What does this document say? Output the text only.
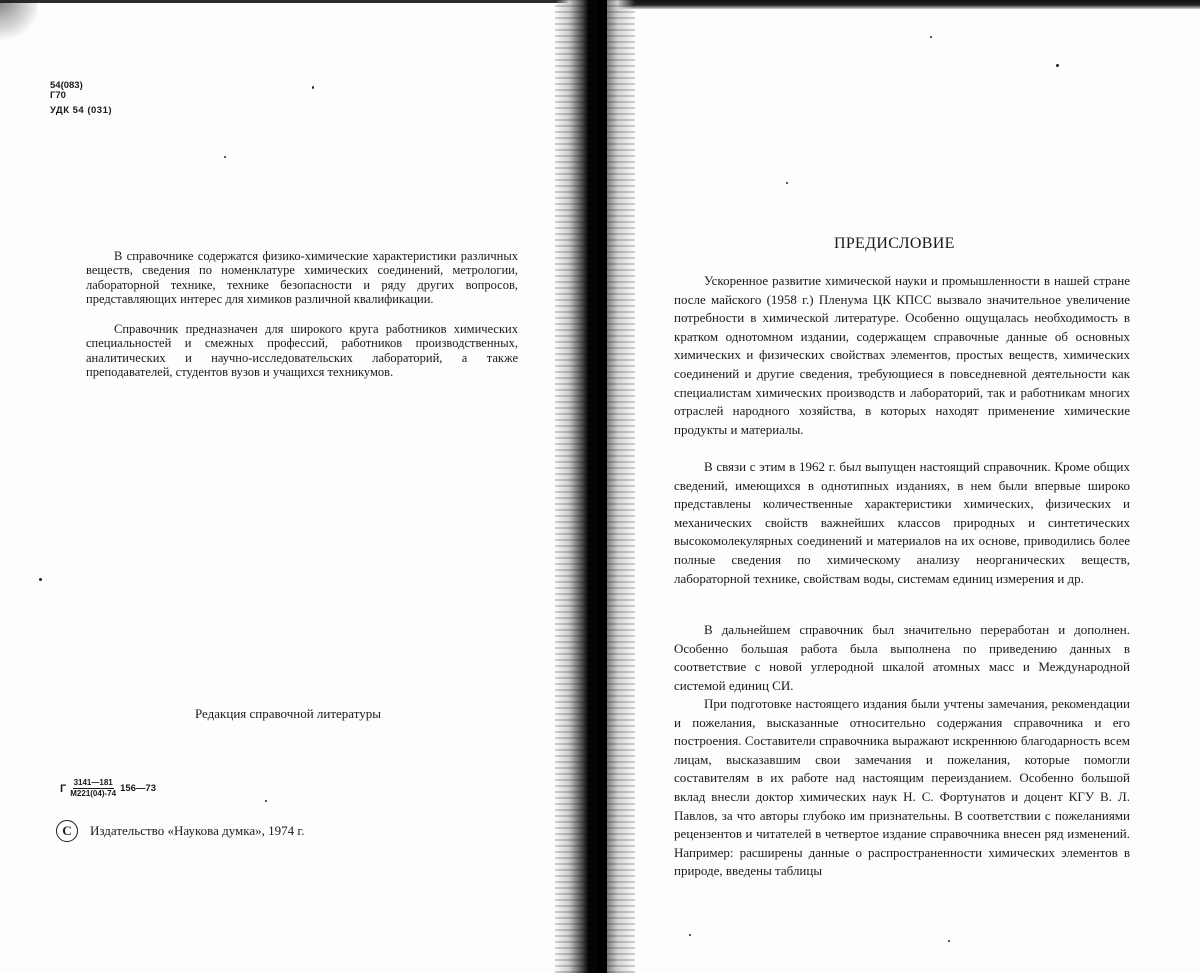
54(083)
Г70
УДК 54 (031)

В справочнике содержатся физико-химические характеристики различных веществ, сведения по номенклатуре химических соединений, метрологии, лабораторной технике, технике безопасности и ряду других вопросов, представляющих интерес для химиков различной квалификации.

Справочник предназначен для широкого круга работников химических специальностей и смежных профессий, работников производственных, аналитических и научно-исследовательских лабораторий, а также преподавателей, студентов вузов и учащихся техникумов.

Редакция справочной литературы
Г $\frac{3141—181}{М221(04)-74}$ 156—73
C	Издательство «Наукова думка», 1974 г.
ПРЕДИСЛОВИЕ

Ускоренное развитие химической науки и промышленности в нашей стране после майского (1958 г.) Пленума ЦК КПСС вызвало значительное увеличение потребности в химической литературе. Особенно ощущалась необходимость в кратком однотомном издании, содержащем справочные данные об основных химических и физических свойствах элементов, простых веществ, химических соединений и другие сведения, требующиеся в повседневной деятельности как специалистам химических производств и лабораторий, так и работникам многих отраслей народного хозяйства, в которых находят применение химические продукты и материалы.

В связи с этим в 1962 г. был выпущен настоящий справочник. Кроме общих сведений, имеющихся в однотипных изданиях, в нем были впервые широко представлены количественные характеристики химических, физических и механических свойств важнейших классов природных и синтетических высокомолекулярных соединений и материалов на их основе, приводились более полные сведения по химическому анализу неорганических веществ, лабораторной технике, свойствам воды, системам единиц измерения и др.

В дальнейшем справочник был значительно переработан и дополнен. Особенно большая работа была выполнена по приведению данных в соответствие с новой углеродной шкалой атомных масс и Международной системой единиц СИ.

При подготовке настоящего издания были учтены замечания, рекомендации и пожелания, высказанные относительно содержания справочника и его построения. Составители справочника выражают искреннюю благодарность всем лицам, высказавшим свои замечания и пожелания, которые помогли составителям в их работе над настоящим переизданием. Особенно большой вклад внесли доктор химических наук Н. С. Фортунатов и доцент КГУ В. Л. Павлов, за что авторы глубоко им признательны. В соответствии с пожеланиями рецензентов и читателей в четвертое издание справочника внесен ряд изменений. Например: расширены данные о распространенности химических элементов в природе, введены таблицы
